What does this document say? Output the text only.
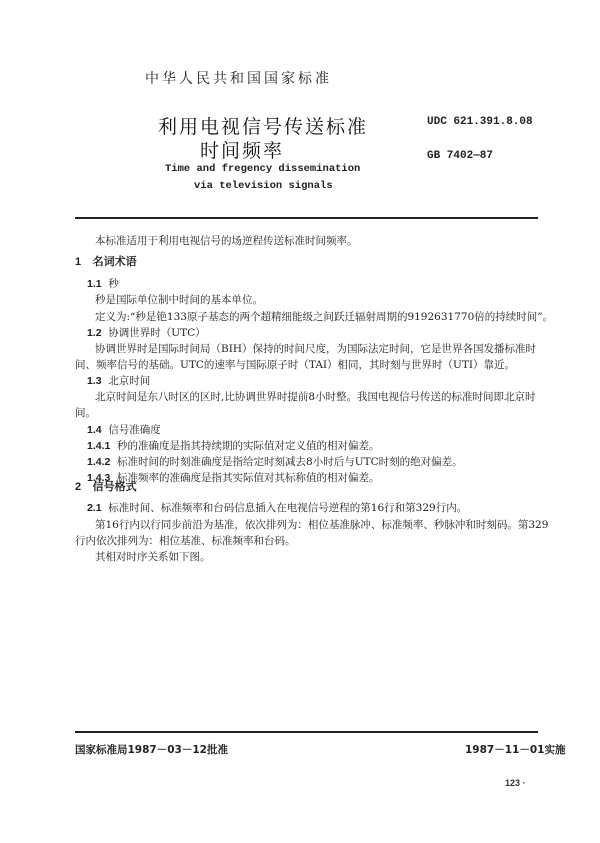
中华人民共和国国家标准
利用电视信号传送标准
时间频率
UDC 621.391.8.08
GB 7402—87
Time and fregency dissemination
via television signals
本标准适用于利用电视信号的场逆程传送标准时间频率。
1 名词术语
1.1 秒
秒是国际单位制中时间的基本单位。
定义为:“秒是铯133原子基态的两个超精细能级之间跃迁辐射周期的9192631770倍的持续时间”。
1.2 协调世界时（UTC）
协调世界时是国际时间局（BIH）保持的时间尺度，为国际法定时间，它是世界各国发播标准时
间、频率信号的基础。UTC的速率与国际原子时（TAI）相同，其时刻与世界时（UTI）靠近。
1.3 北京时间
北京时间是东八时区的区时,比协调世界时提前8小时整。我国电视信号传送的标准时间即北京时
间。
1.4 信号准确度
1.4.1 秒的准确度是指其持续期的实际值对定义值的相对偏差。
1.4.2 标准时间的时刻准确度是指给定时刻减去8小时后与UTC时刻的绝对偏差。
1.4.3 标准频率的准确度是指其实际值对其标称值的相对偏差。
2 信号格式
2.1 标准时间、标准频率和台码信息插入在电视信号逆程的第16行和第329行内。
第16行内以行同步前沿为基准，依次排列为：相位基准脉冲、标准频率、秒脉冲和时刻码。第329
行内依次排列为：相位基准、标准频率和台码。
其相对时序关系如下图。
国家标准局1987－03－12批准	1987－11－01实施
123 ·
